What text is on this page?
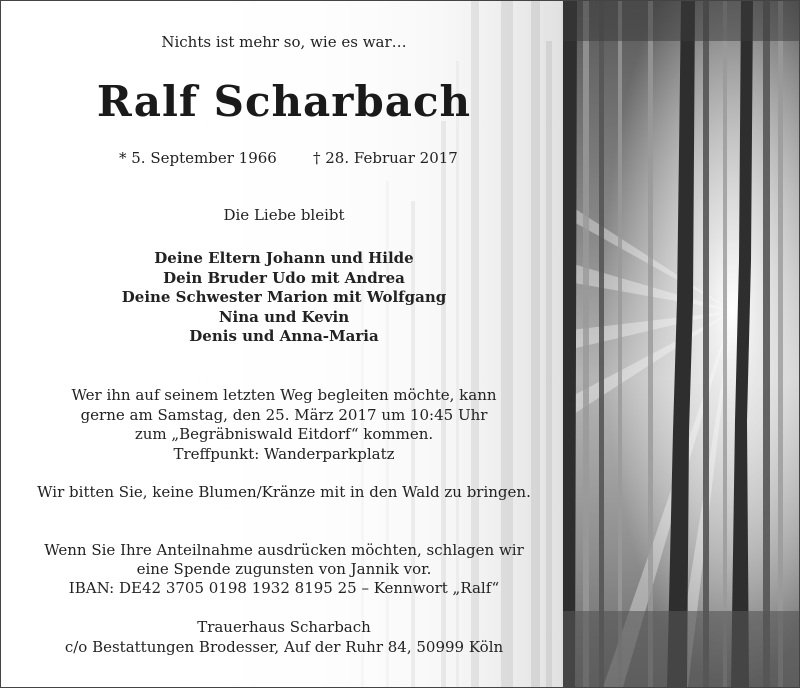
Nichts ist mehr so, wie es war…
Ralf Scharbach
* 5. September 1966 † 28. Februar 2017
Die Liebe bleibt
Deine Eltern Johann und Hilde
Dein Bruder Udo mit Andrea
Deine Schwester Marion mit Wolfgang
Nina und Kevin
Denis und Anna-Maria
Wer ihn auf seinem letzten Weg begleiten möchte, kann
gerne am Samstag, den 25. März 2017 um 10:45 Uhr
zum „Begräbniswald Eitdorf“ kommen.
Treffpunkt: Wanderparkplatz
Wir bitten Sie, keine Blumen/Kränze mit in den Wald zu bringen.
Wenn Sie Ihre Anteilnahme ausdrücken möchten, schlagen wir
eine Spende zugunsten von Jannik vor.
IBAN: DE42 3705 0198 1932 8195 25 – Kennwort „Ralf“
Trauerhaus Scharbach
c/o Bestattungen Brodesser, Auf der Ruhr 84, 50999 Köln
